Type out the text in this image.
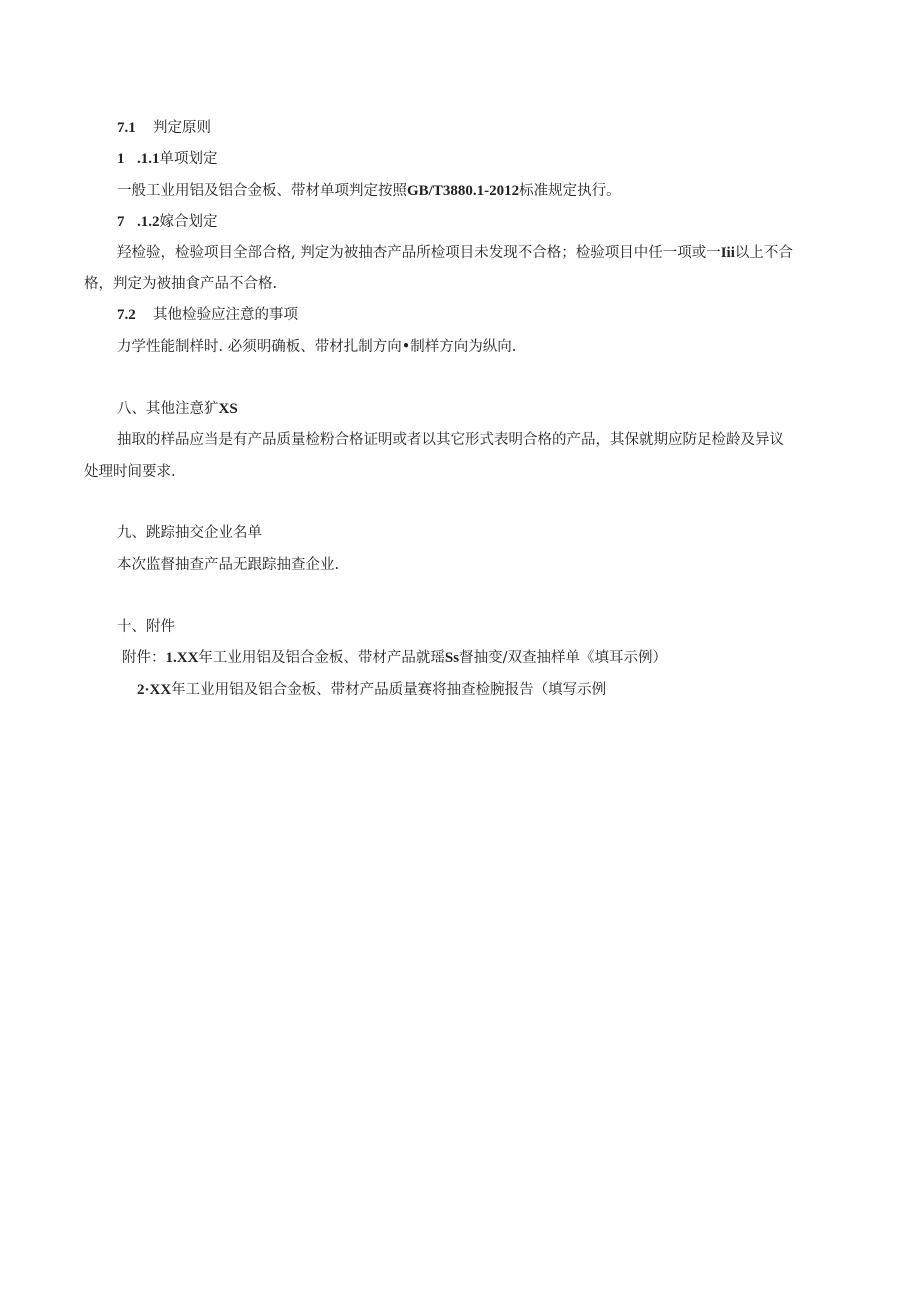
7.1 判定原则
1 .1.1单项划定
一般工业用铝及铝合金板、带材单项判定按照GB/T3880.1-2012标准规定执行。
7 .1.2嫁合划定
羟检验，检验项目全部合格, 判定为被抽杏产品所检项目未发现不合格；检验项目中任一项或一Iii以上不合
格，判定为被抽食产品不合格.
7.2 其他检验应注意的事项
力学性能制样时. 必须明确板、带材扎制方向•制样方向为纵向.
八、其他注意犷XS
抽取的样品应当是有产品质量检粉合格证明或者以其它形式表明合格的产品，其保就期应防足检龄及异议
处理时间要求.
九、跳踪抽交企业名单
本次监督抽查产品无跟踪抽查企业.
十、附件
附件：1.XX年工业用铝及铝合金板、带材产品就瑶Ss督抽变/双查抽样单《填耳示例）
2·XX年工业用铝及铝合金板、带材产品质量赛将抽查检腕报告（填写示例
